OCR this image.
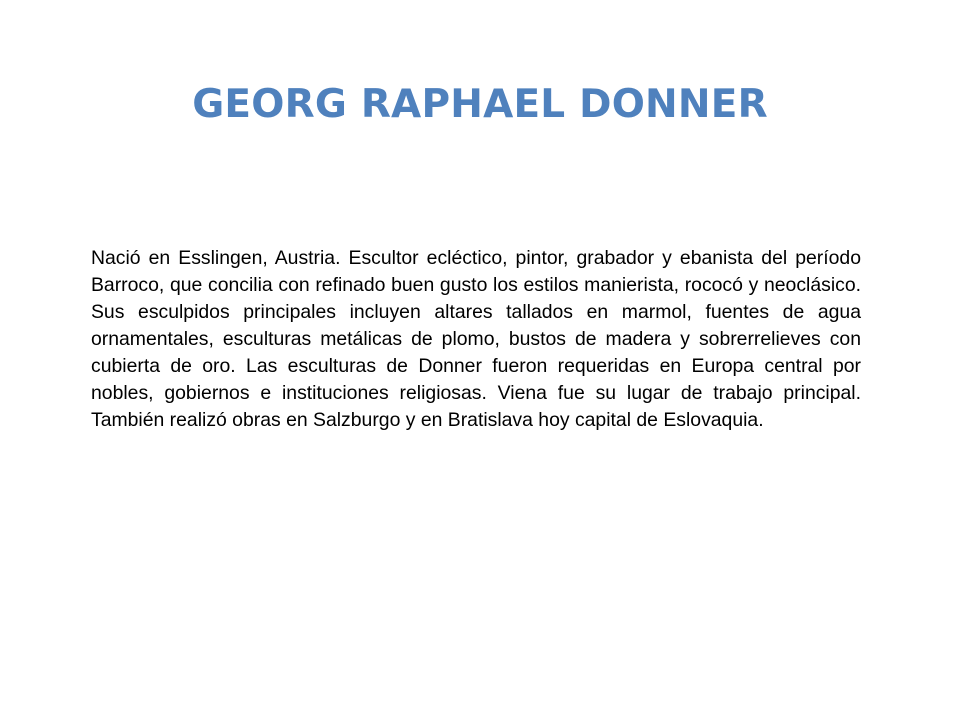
GEORG RAPHAEL DONNER

Nació en Esslingen, Austria. Escultor ecléctico, pintor, grabador y ebanista del período Barroco, que concilia con refinado buen gusto los estilos manierista, rococó y neoclásico. Sus esculpidos principales incluyen altares tallados en marmol, fuentes de agua ornamentales, esculturas metálicas de plomo, bustos de madera y sobrerrelieves con cubierta de oro. Las esculturas de Donner fueron requeridas en Europa central por nobles, gobiernos e instituciones religiosas. Viena fue su lugar de trabajo principal. También realizó obras en Salzburgo y en Bratislava hoy capital de Eslovaquia.
